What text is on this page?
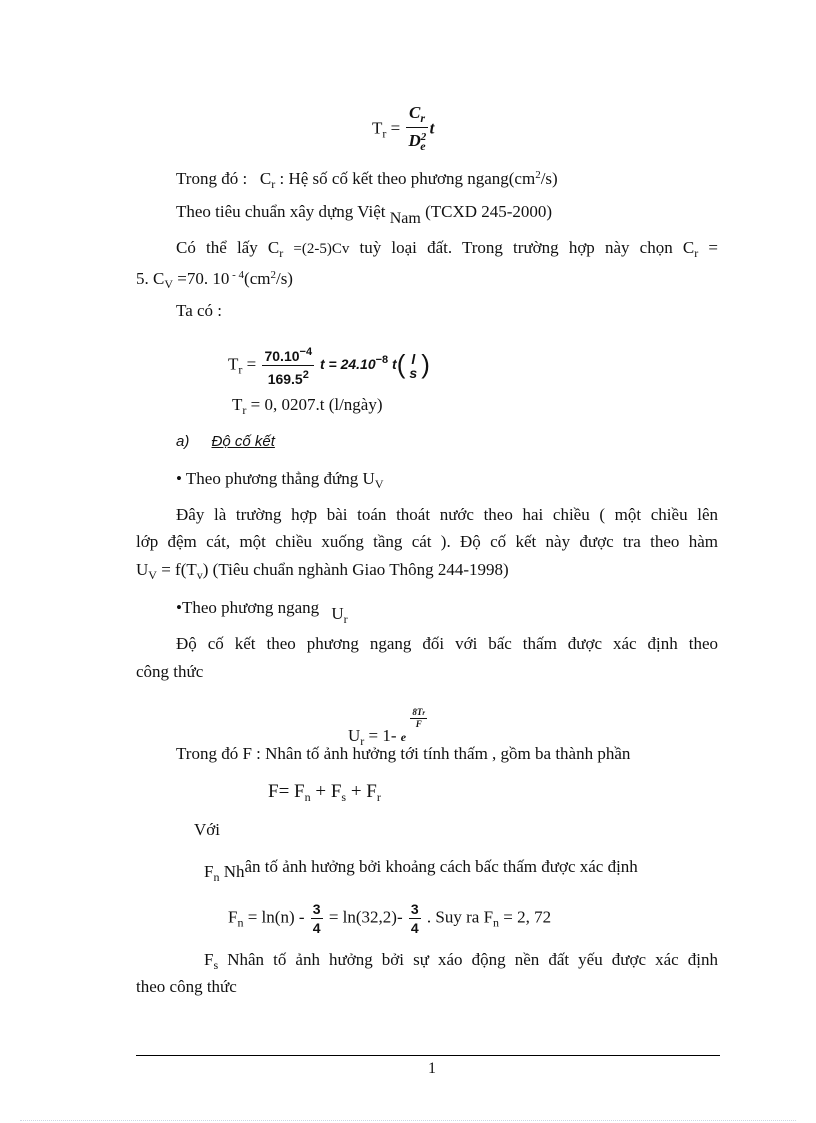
$T_r = \frac{C_r}{D^2_e}$ t
Trong đó : $C_r$ : Hệ số cố kết theo phương $ngang(cm^2/s)$
Theo tiêu chuẩn xây dựng Việt Nam (TCXD 245-2000)
Có thể lấy $C_r =(2-5)Cv$ tuỳ loại đất. Trong trường hợp này chọn $C_r$ =
5. $C_V =70$. 10 $^{- 4}(cm^2/s)$
Ta có :
$T_r = \frac{70.10^{-4}}{169.5^2}$ $t = 24.10^{-8}$ t( l
s )
$T_r = 0$, 0207.t (l/ngày)
a) Độ cố kết
• Theo phương thẳng đứng $U_V$
Đây là trường hợp bài toán thoát nước theo hai chiều ( một chiều lên
lớp đệm cát, một chiều xuống tầng cát ). Độ cố kết này được tra theo hàm
$U_V = f(T_v)$ (Tiêu chuẩn nghành Giao Thông 244-1998)
•Theo phương ngang $U_r$
Độ cố kết theo phương ngang đối với bấc thấm được xác định theo
công thức
$U_r = 1-$ e
$\frac{8Tr}{F}$
Trong đó F : Nhân tố ảnh hưởng tới tính thấm , gồm ba thành phần
$F= F_n + F_s + F_r$
Với
$F_n$ Nhân tố ảnh hưởng bởi khoảng cách bấc thấm được xác định
$F_n = \ln(n) - \frac{3}{4} = \ln(32,2)- \frac{3}{4}$ . Suy ra $F_n = 2$, 72
$F_s$ Nhân tố ảnh hưởng bởi sự xáo động nền đất yếu được xác định
theo công thức
1
